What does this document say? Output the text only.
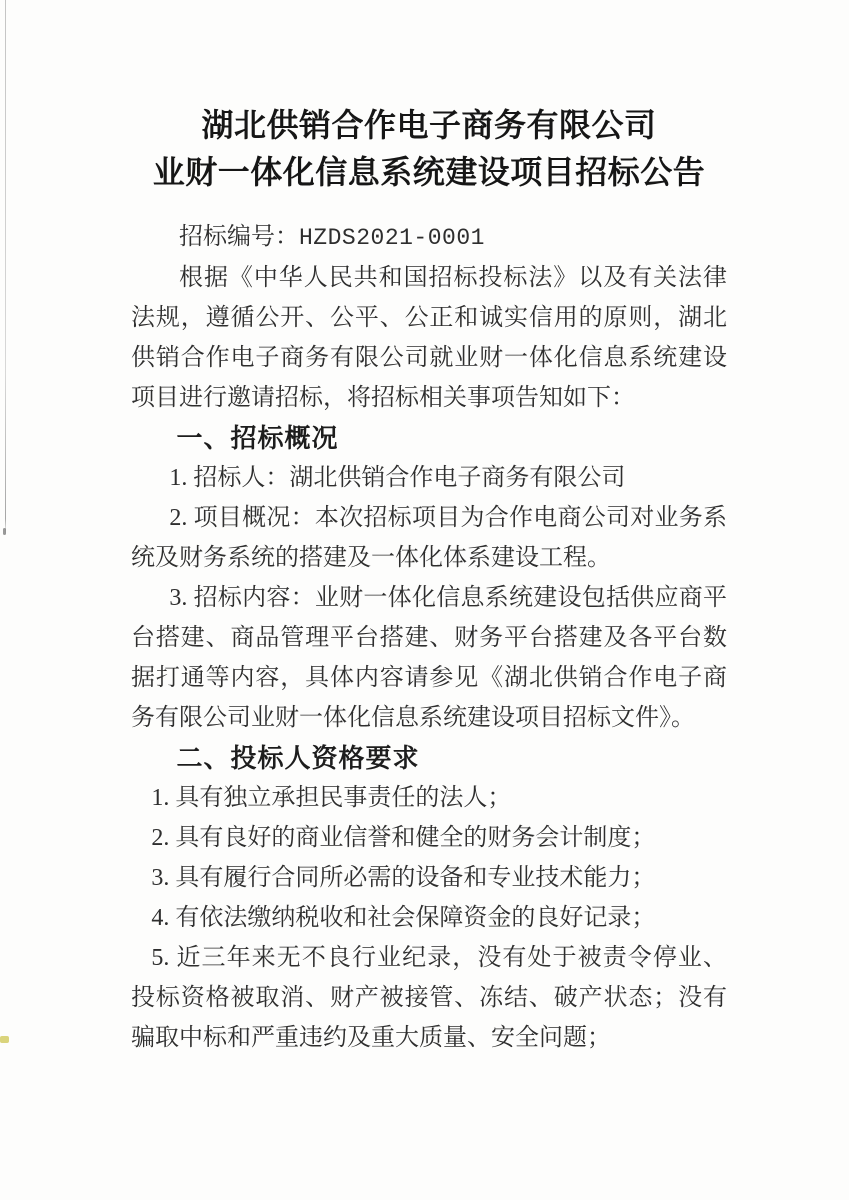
湖北供销合作电子商务有限公司
业财一体化信息系统建设项目招标公告

招标编号：HZDS2021-0001

根据《中华人民共和国招标投标法》以及有关法律法规，遵循公开、公平、公正和诚实信用的原则，湖北供销合作电子商务有限公司就业财一体化信息系统建设项目进行邀请招标，将招标相关事项告知如下：

一、招标概况

1. 招标人：湖北供销合作电子商务有限公司

2. 项目概况：本次招标项目为合作电商公司对业务系统及财务系统的搭建及一体化体系建设工程。

3. 招标内容：业财一体化信息系统建设包括供应商平台搭建、商品管理平台搭建、财务平台搭建及各平台数据打通等内容，具体内容请参见《湖北供销合作电子商务有限公司业财一体化信息系统建设项目招标文件》。

二、投标人资格要求

1. 具有独立承担民事责任的法人；

2. 具有良好的商业信誉和健全的财务会计制度；

3. 具有履行合同所必需的设备和专业技术能力；

4. 有依法缴纳税收和社会保障资金的良好记录；

5. 近三年来无不良行业纪录，没有处于被责令停业、投标资格被取消、财产被接管、冻结、破产状态；没有骗取中标和严重违约及重大质量、安全问题；
